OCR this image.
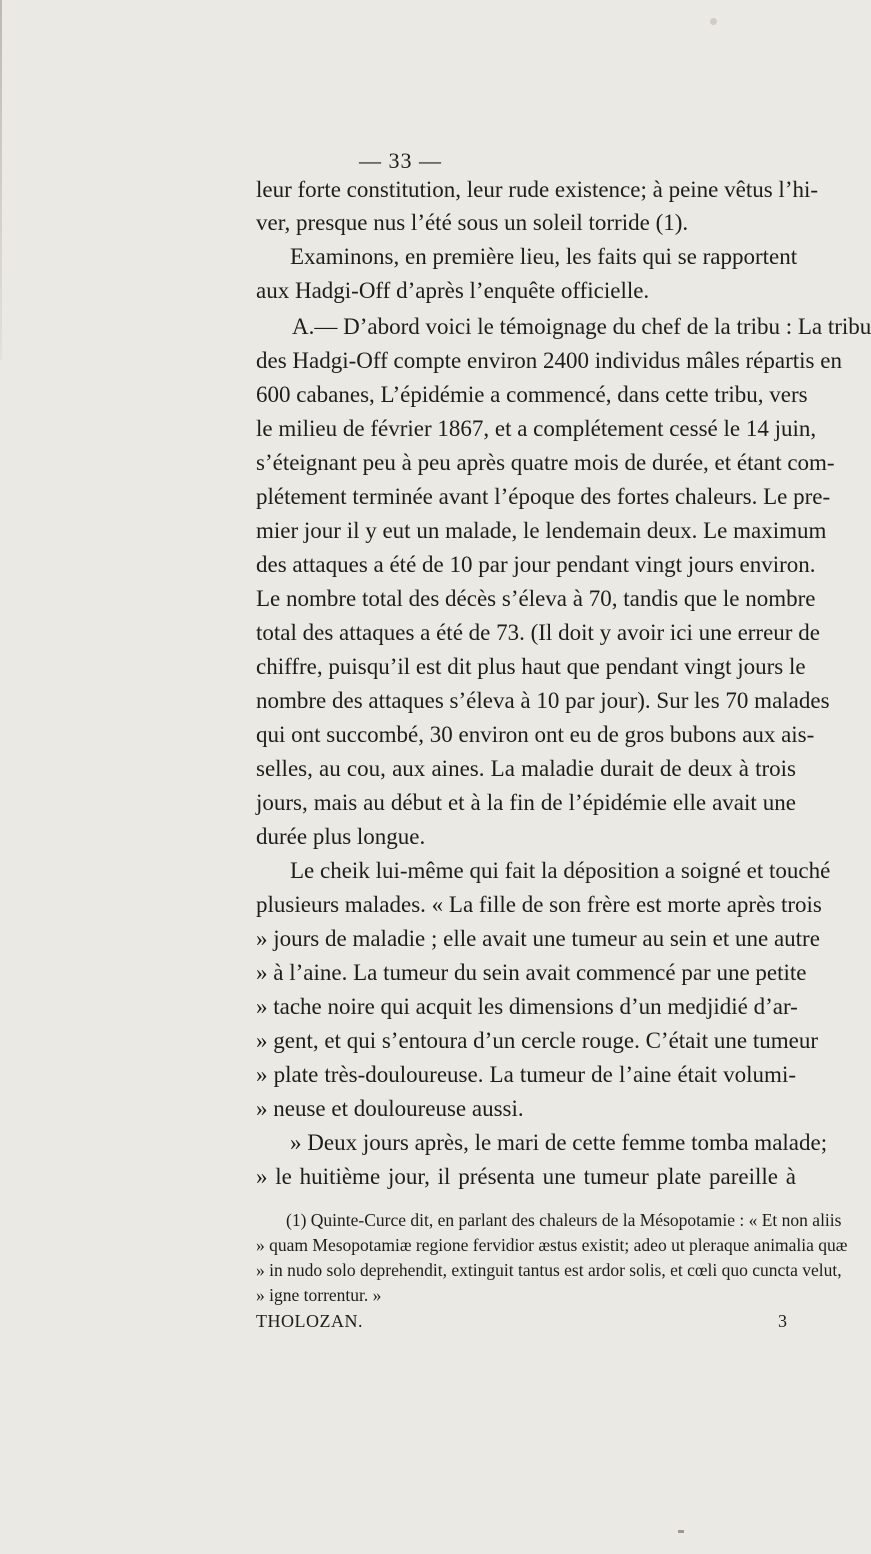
— 33 —
leur forte constitution, leur rude existence; à peine vêtus l’hi-
ver, presque nus l’été sous un soleil torride (1).
Examinons, en première lieu, les faits qui se rapportent
aux Hadgi-Off d’après l’enquête officielle.
A.— D’abord voici le témoignage du chef de la tribu : La tribu
des Hadgi-Off compte environ 2400 individus mâles répartis en
600 cabanes, L’épidémie a commencé, dans cette tribu, vers
le milieu de février 1867, et a complétement cessé le 14 juin,
s’éteignant peu à peu après quatre mois de durée, et étant com-
plétement terminée avant l’époque des fortes chaleurs. Le pre-
mier jour il y eut un malade, le lendemain deux. Le maximum
des attaques a été de 10 par jour pendant vingt jours environ.
Le nombre total des décès s’éleva à 70, tandis que le nombre
total des attaques a été de 73. (Il doit y avoir ici une erreur de
chiffre, puisqu’il est dit plus haut que pendant vingt jours le
nombre des attaques s’éleva à 10 par jour). Sur les 70 malades
qui ont succombé, 30 environ ont eu de gros bubons aux ais-
selles, au cou, aux aines. La maladie durait de deux à trois
jours, mais au début et à la fin de l’épidémie elle avait une
durée plus longue.
Le cheik lui-même qui fait la déposition a soigné et touché
plusieurs malades. « La fille de son frère est morte après trois
» jours de maladie ; elle avait une tumeur au sein et une autre
» à l’aine. La tumeur du sein avait commencé par une petite
» tache noire qui acquit les dimensions d’un medjidié d’ar-
» gent, et qui s’entoura d’un cercle rouge. C’était une tumeur
» plate très-douloureuse. La tumeur de l’aine était volumi-
» neuse et douloureuse aussi.
» Deux jours après, le mari de cette femme tomba malade;
» le huitième jour, il présenta une tumeur plate pareille à
(1) Quinte-Curce dit, en parlant des chaleurs de la Mésopotamie : « Et non aliis
» quam Mesopotamiæ regione fervidior æstus existit; adeo ut pleraque animalia quæ
» in nudo solo deprehendit, extinguit tantus est ardor solis, et cœli quo cuncta velut,
» igne torrentur. »
THOLOZAN.	3
